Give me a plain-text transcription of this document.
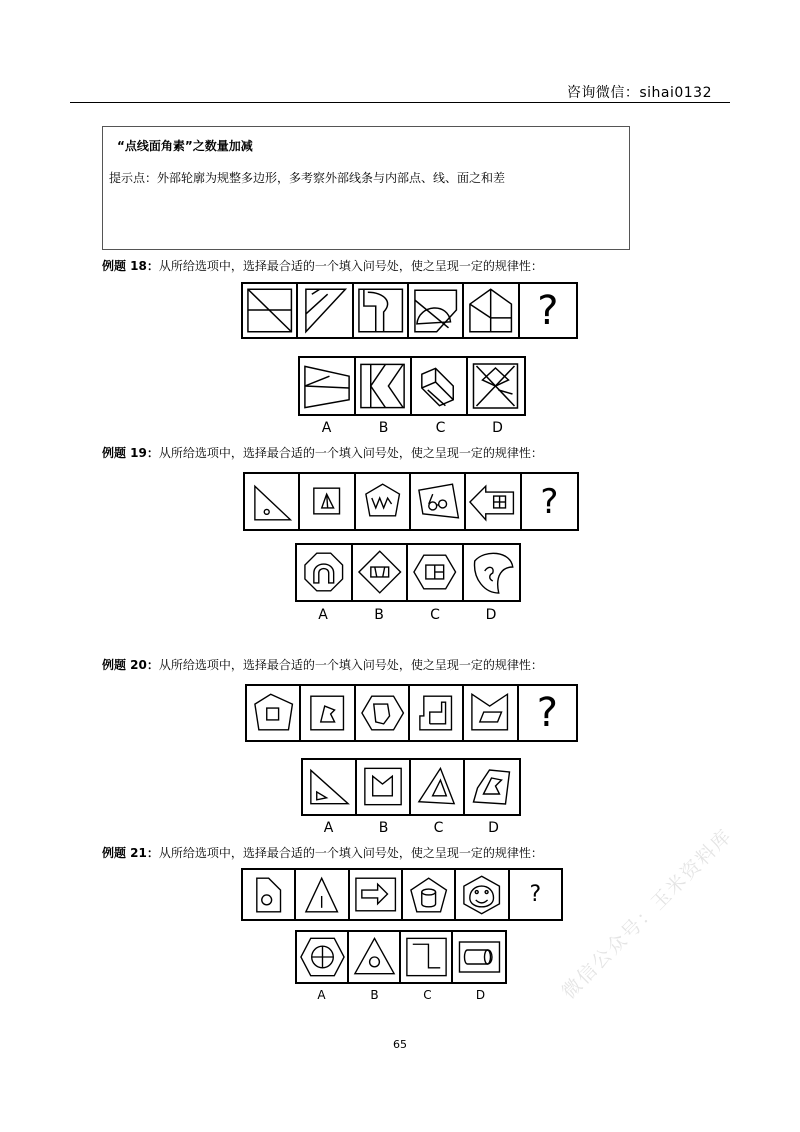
咨询微信：sihai0132
“点线面角素”之数量加减
提示点：外部轮廓为规整多边形，多考察外部线条与内部点、线、面之和差
例题 18：从所给选项中，选择最合适的一个填入问号处，使之呈现一定的规律性：
?
A	B	C	D
例题 19：从所给选项中，选择最合适的一个填入问号处，使之呈现一定的规律性：
?
A	B	C	D
例题 20：从所给选项中，选择最合适的一个填入问号处，使之呈现一定的规律性：
?
A	B	C	D
例题 21：从所给选项中，选择最合适的一个填入问号处，使之呈现一定的规律性：
?
A	B	C	D
65
微信公众号：玉米资料库
